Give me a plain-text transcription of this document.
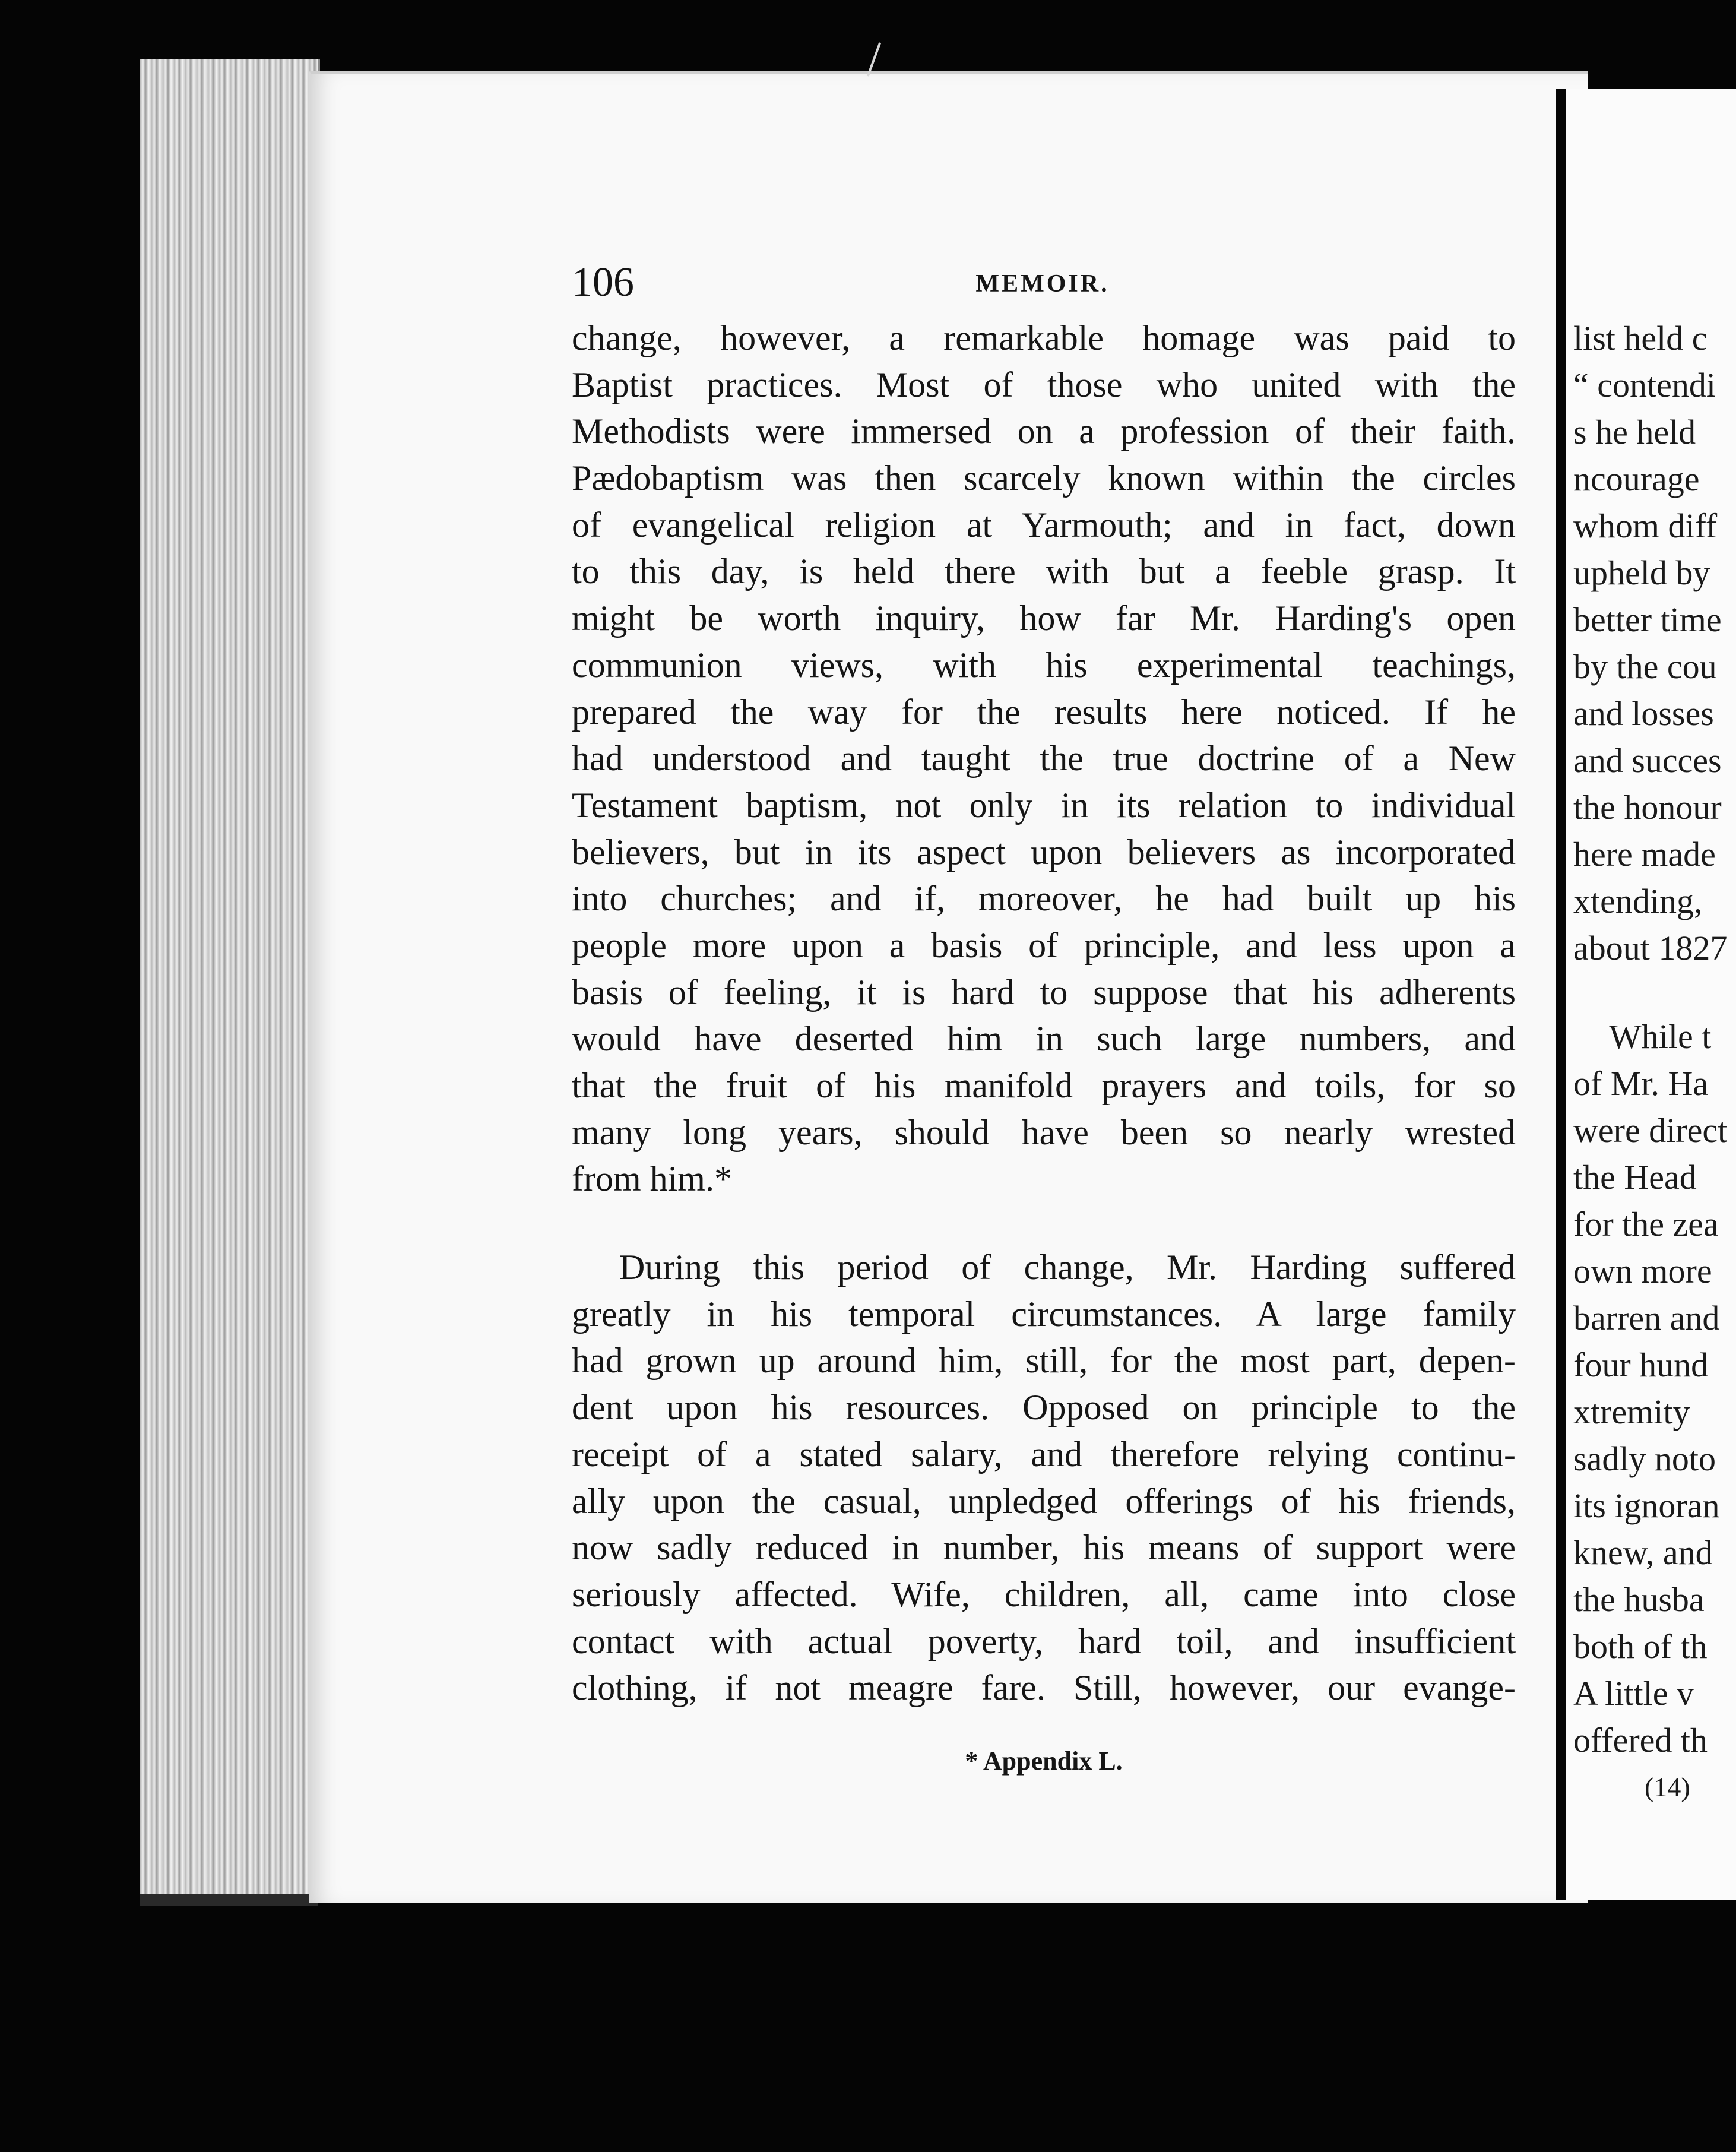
106	MEMOIR.

change, however, a remarkable homage was paid to
Baptist practices. Most of those who united with the
Methodists were immersed on a profession of their faith.
Pædobaptism was then scarcely known within the circles
of evangelical religion at Yarmouth; and in fact, down
to this day, is held there with but a feeble grasp. It
might be worth inquiry, how far Mr. Harding's open
communion views, with his experimental teachings,
prepared the way for the results here noticed. If he
had understood and taught the true doctrine of a New
Testament baptism, not only in its relation to individual
believers, but in its aspect upon believers as incorporated
into churches; and if, moreover, he had built up his
people more upon a basis of principle, and less upon a
basis of feeling, it is hard to suppose that his adherents
would have deserted him in such large numbers, and
that the fruit of his manifold prayers and toils, for so
many long years, should have been so nearly wrested
from him.*

During this period of change, Mr. Harding suffered
greatly in his temporal circumstances. A large family
had grown up around him, still, for the most part, depen-
dent upon his resources. Opposed on principle to the
receipt of a stated salary, and therefore relying continu-
ally upon the casual, unpledged offerings of his friends,
now sadly reduced in number, his means of support were
seriously affected. Wife, children, all, came into close
contact with actual poverty, hard toil, and insufficient
clothing, if not meagre fare. Still, however, our evange-

* Appendix L.
list held c
“ contendi
s he held
ncourage
whom diff
upheld by
better time
by the cou
and losses
and succes
the honour
here made
xtending,
about 1827
While t
of Mr. Ha
were direct
the Head
for the zea
own more
barren and
four hund
xtremity
sadly noto
its ignoran
knew, and
the husba
both of th
A little v
offered th
(14)
